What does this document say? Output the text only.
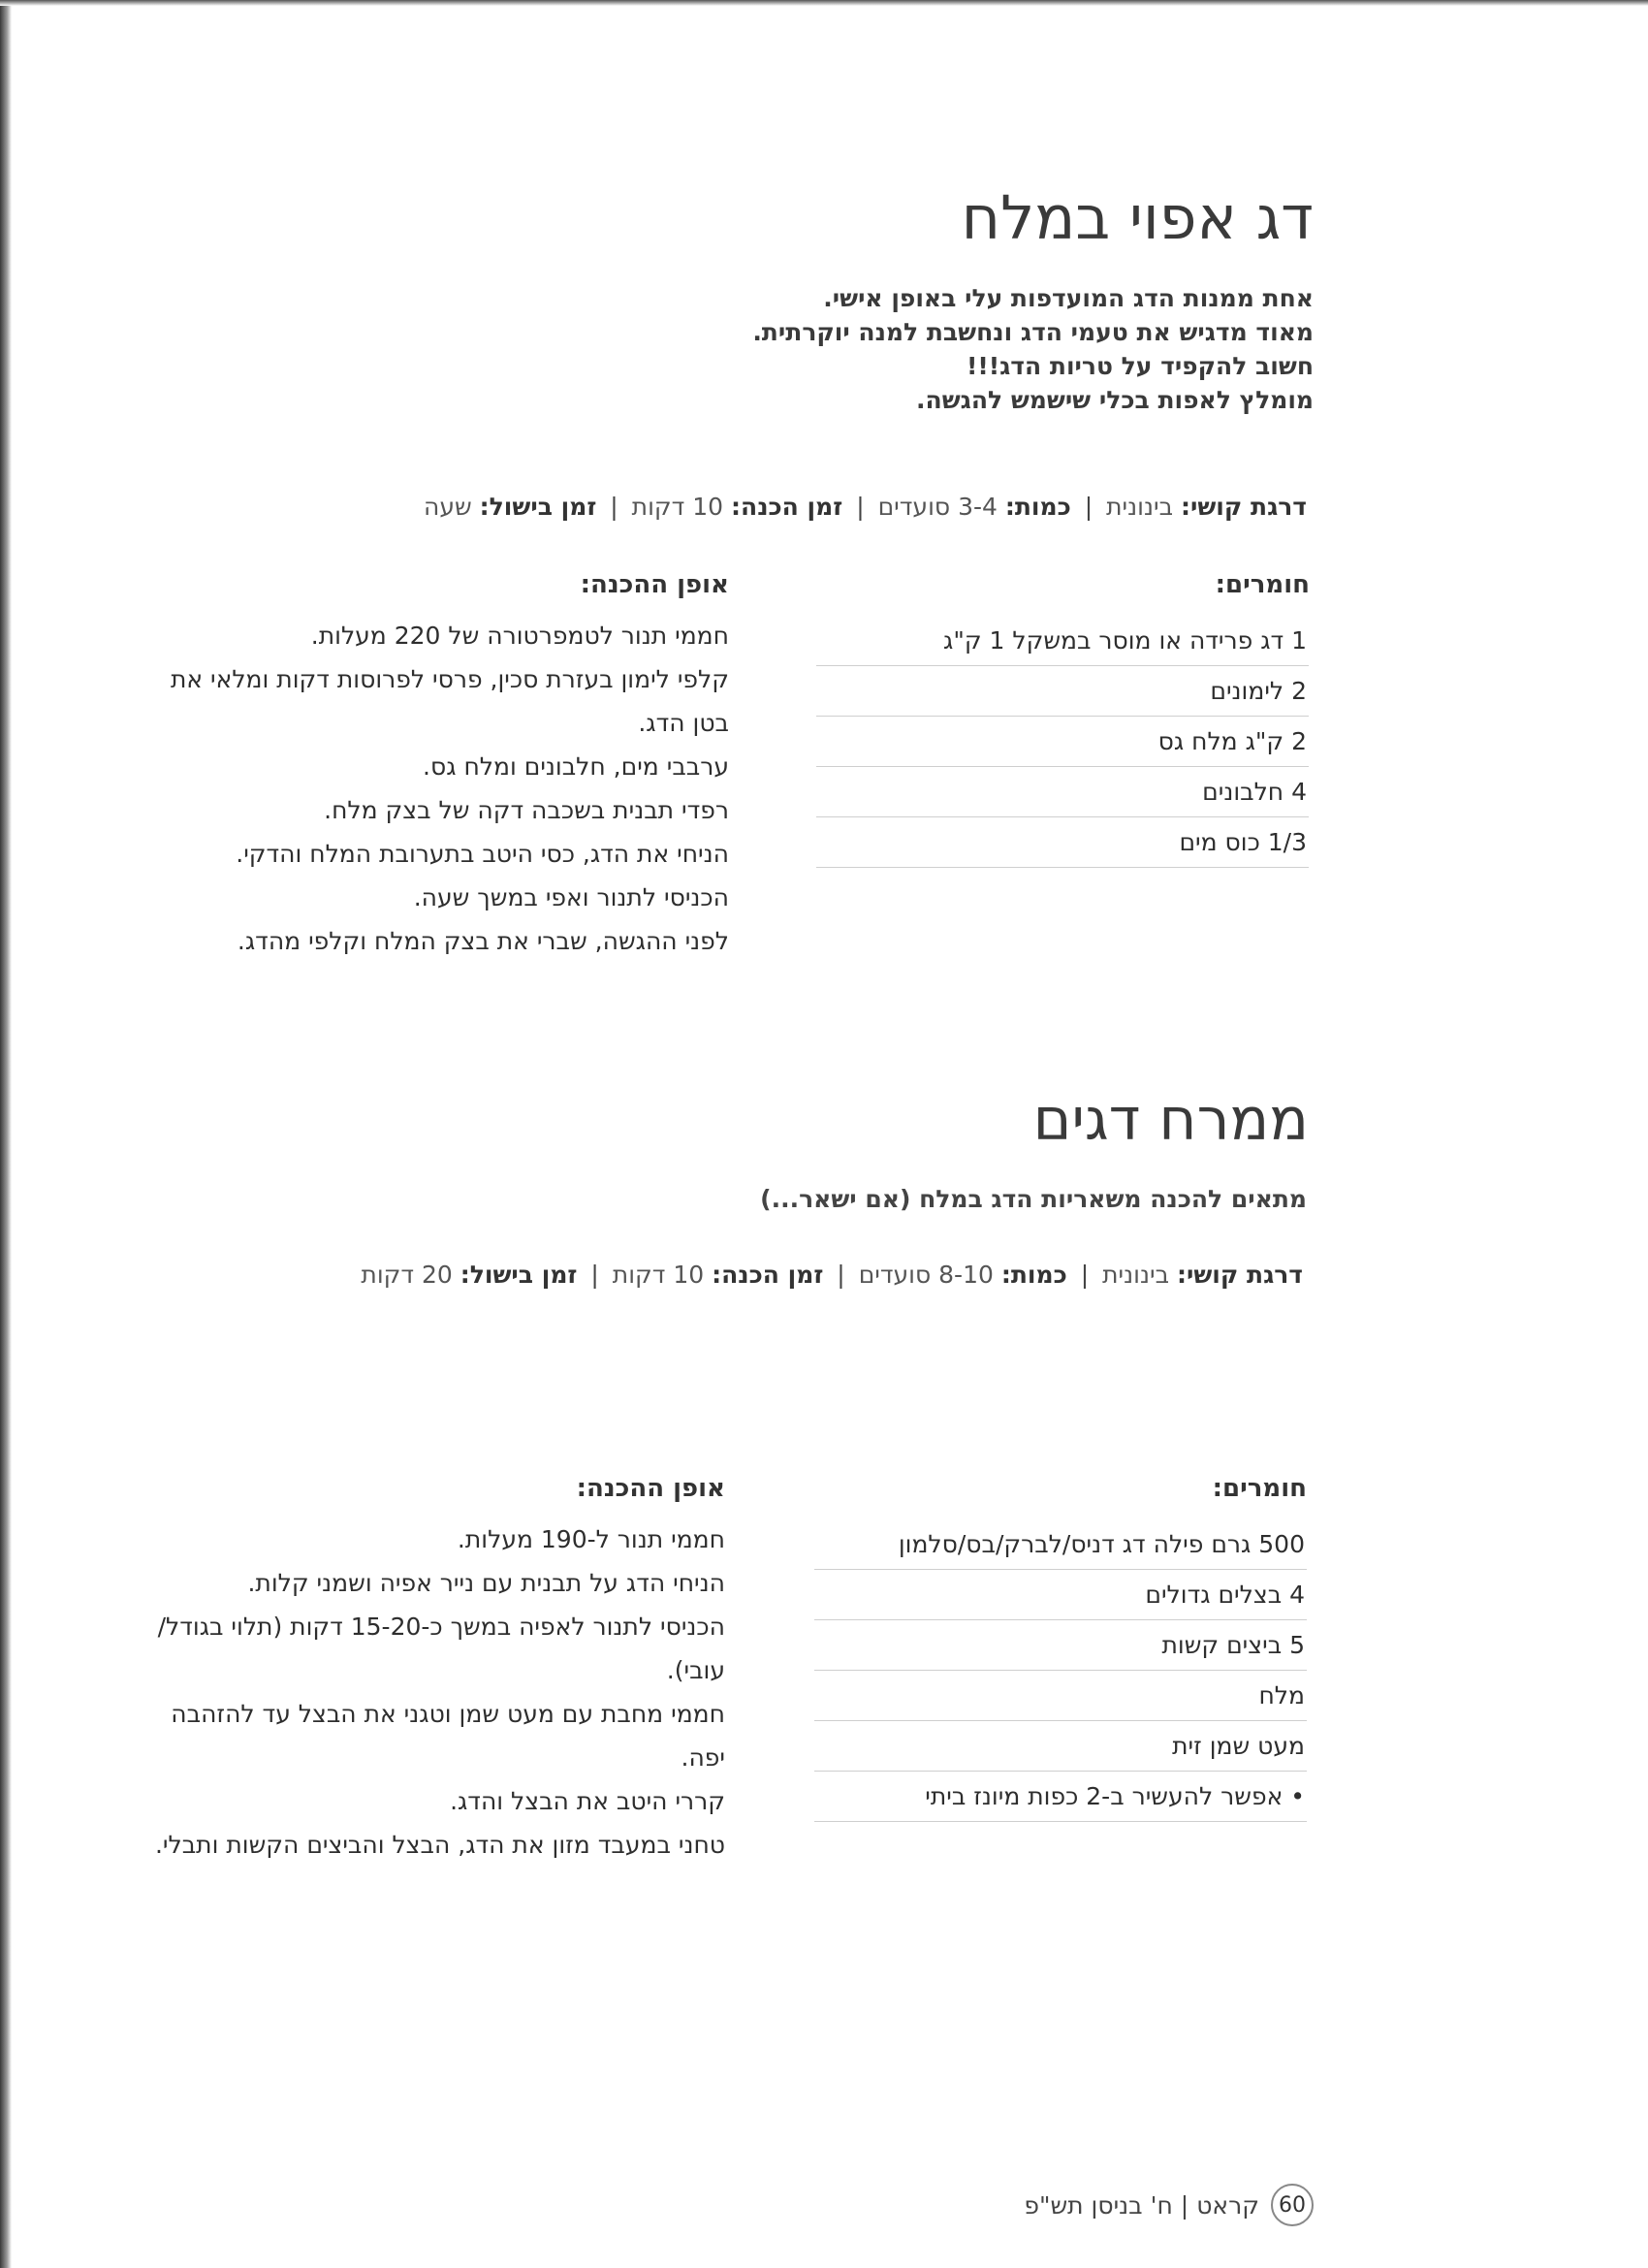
דג אפוי במלח
אחת ממנות הדג המועדפות עלי באופן אישי.
מאוד מדגיש את טעמי הדג ונחשבת למנה יוקרתית.
חשוב להקפיד על טריות הדג!!!
מומלץ לאפות בכלי שישמש להגשה.
דרגת קושי: בינונית | כמות: 3-4 סועדים | זמן הכנה: 10 דקות | זמן בישול: שעה
חומרים:
1 דג פרידה או מוסר במשקל 1 ק"ג
2 לימונים
2 ק"ג מלח גס
4 חלבונים
1/3 כוס מים
אופן ההכנה:
חממי תנור לטמפרטורה של 220 מעלות.
קלפי לימון בעזרת סכין, פרסי לפרוסות דקות ומלאי את
בטן הדג.
ערבבי מים, חלבונים ומלח גס.
רפדי תבנית בשכבה דקה של בצק מלח.
הניחי את הדג, כסי היטב בתערובת המלח והדקי.
הכניסי לתנור ואפי במשך שעה.
לפני ההגשה, שברי את בצק המלח וקלפי מהדג.
ממרח דגים
מתאים להכנה משאריות הדג במלח (אם ישאר...)
דרגת קושי: בינונית | כמות: 8-10 סועדים | זמן הכנה: 10 דקות | זמן בישול: 20 דקות
חומרים:
500 גרם פילה דג דניס/לברק/בס/סלמון
4 בצלים גדולים
5 ביצים קשות
מלח
מעט שמן זית
• אפשר להעשיר ב-2 כפות מיונז ביתי
אופן ההכנה:
חממי תנור ל-190 מעלות.
הניחי הדג על תבנית עם נייר אפיה ושמני קלות.
הכניסי לתנור לאפיה במשך כ-15-20 דקות (תלוי בגודל/
עובי).
חממי מחבת עם מעט שמן וטגני את הבצל עד להזהבה יפה.
קררי היטב את הבצל והדג.
טחני במעבד מזון את הדג, הבצל והביצים הקשות ותבלי.
60
קראט
|
ח' בניסן תש"פ
